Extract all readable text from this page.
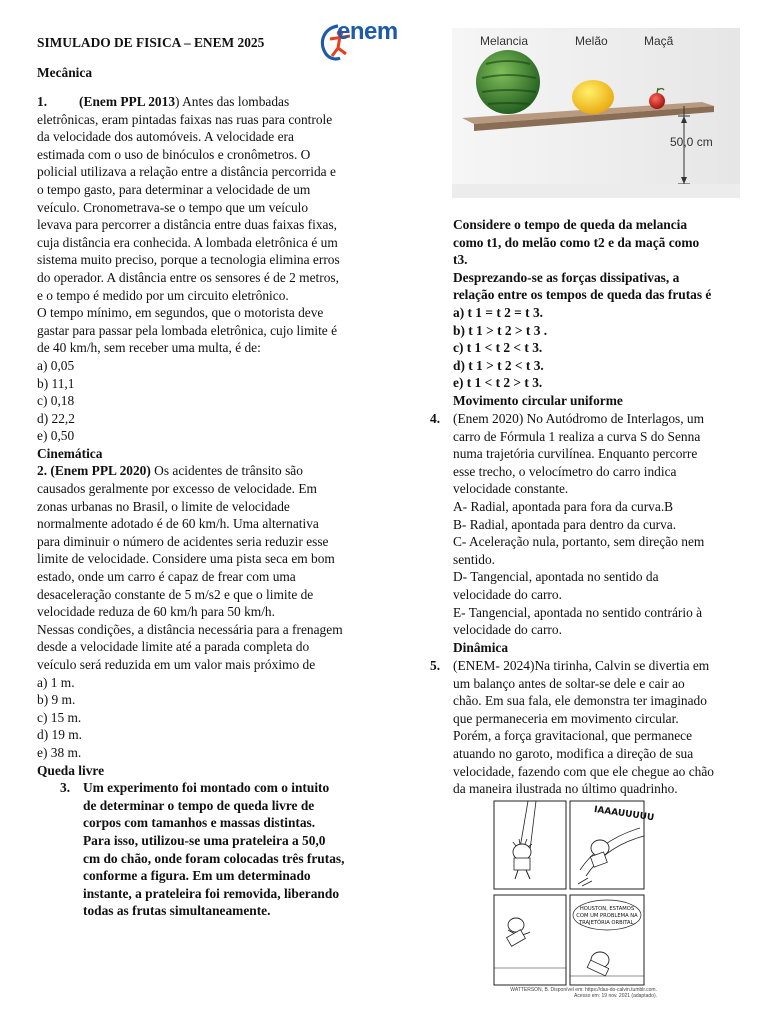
SIMULADO DE FISICA – ENEM 2025	enem

Mecânica

1. (Enem PPL 2013) Antes das lombadas

eletrônicas, eram pintadas faixas nas ruas para controle

da velocidade dos automóveis. A velocidade era

estimada com o uso de binóculos e cronômetros. O

policial utilizava a relação entre a distância percorrida e

o tempo gasto, para determinar a velocidade de um

veículo. Cronometrava-se o tempo que um veículo

levava para percorrer a distância entre duas faixas fixas,

cuja distância era conhecida. A lombada eletrônica é um

sistema muito preciso, porque a tecnologia elimina erros

do operador. A distância entre os sensores é de 2 metros,

e o tempo é medido por um circuito eletrônico.

O tempo mínimo, em segundos, que o motorista deve

gastar para passar pela lombada eletrônica, cujo limite é

de 40 km/h, sem receber uma multa, é de:

a) 0,05

b) 11,1

c) 0,18

d) 22,2

e) 0,50

Cinemática

2. (Enem PPL 2020) Os acidentes de trânsito são

causados geralmente por excesso de velocidade. Em

zonas urbanas no Brasil, o limite de velocidade

normalmente adotado é de 60 km/h. Uma alternativa

para diminuir o número de acidentes seria reduzir esse

limite de velocidade. Considere uma pista seca em bom

estado, onde um carro é capaz de frear com uma

desaceleração constante de 5 m/s2 e que o limite de

velocidade reduza de 60 km/h para 50 km/h.

Nessas condições, a distância necessária para a frenagem

desde a velocidade limite até a parada completa do

veículo será reduzida em um valor mais próximo de

a) 1 m.

b) 9 m.

c) 15 m.

d) 19 m.

e) 38 m.

Queda livre

3. Um experimento foi montado com o intuito

de determinar o tempo de queda livre de

corpos com tamanhos e massas distintas.

Para isso, utilizou-se uma prateleira a 50,0

cm do chão, onde foram colocadas três frutas,

conforme a figura. Em um determinado

instante, a prateleira foi removida, liberando

todas as frutas simultaneamente.

Melancia	Melão	Maçã
50,0 cm

Considere o tempo de queda da melancia

como t1, do melão como t2 e da maçã como

t3.

Desprezando-se as forças dissipativas, a

relação entre os tempos de queda das frutas é

a) t 1 = t 2 = t 3.

b) t 1 > t 2 > t 3 .

c) t 1 < t 2 < t 3.

d) t 1 > t 2 < t 3.

e) t 1 < t 2 > t 3.

Movimento circular uniforme

4. (Enem 2020) No Autódromo de Interlagos, um

carro de Fórmula 1 realiza a curva S do Senna

numa trajetória curvilínea. Enquanto percorre

esse trecho, o velocímetro do carro indica

velocidade constante.

A- Radial, apontada para fora da curva.B

B- Radial, apontada para dentro da curva.

C- Aceleração nula, portanto, sem direção nem

sentido.

D- Tangencial, apontada no sentido da

velocidade do carro.

E- Tangencial, apontada no sentido contrário à

velocidade do carro.

Dinâmica

5. (ENEM- 2024)Na tirinha, Calvin se divertia em

um balanço antes de soltar-se dele e cair ao

chão. Em sua fala, ele demonstra ter imaginado

que permaneceria em movimento circular.

Porém, a força gravitacional, que permanece

atuando no garoto, modifica a direção de sua

velocidade, fazendo com que ele chegue ao chão

da maneira ilustrada no último quadrinho.

IAAAUUUUU
HOUSTON, ESTAMOS
COM UM PROBLEMA NA
TRAJETÓRIA ORBITAL.
WATTERSON, B. Disponível em: https://das-do-calvin.tumblr.com.
Acesso em: 19 nov. 2021 (adaptado).
